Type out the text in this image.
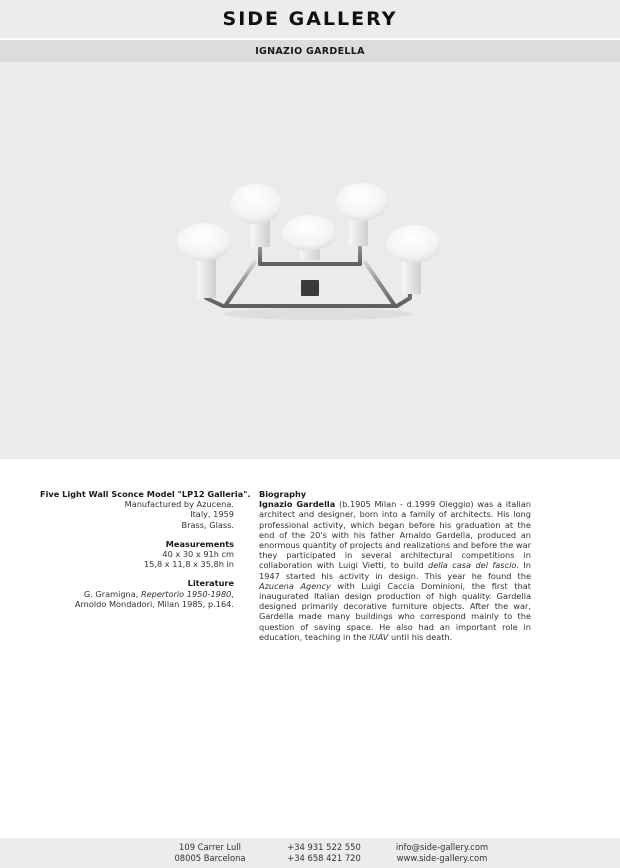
SIDE GALLERY
IGNAZIO GARDELLA
Five Light Wall Sconce Model "LP12 Galleria".
Manufactured by Azucena.
Italy, 1959
Brass, Glass.
Measurements
40 x 30 x 91h cm
15,8 x 11,8 x 35,8h in
Literature
G. Gramigna, Repertorio 1950-1980,
Arnoldo Mondadori, Milan 1985, p.164.
Biography
Ignazio Gardella (b.1905 Milan - d.1999 Oleggio) was a italian architect and designer, born into a family of architects. His long professional activity, which began before his graduation at the end of the 20's with his father Arnaldo Gardella, produced an enormous quantity of projects and realizations and before the war they participated in several architectural competitions in collaboration with Luigi Vietti, to build della casa del fascio. In 1947 started his activity in design. This year he found the Azucena Agency with Luigi Caccia Dominioni, the first that inaugurated Italian design production of high quality. Gardella designed primarily decorative furniture objects. After the war, Gardella made many buildings who correspond mainly to the question of saving space. He also had an important role in education, teaching in the IUAV until his death.
109 Carrer Lull
08005 Barcelona
+34 931 522 550
+34 658 421 720
info@side-gallery.com
www.side-gallery.com
